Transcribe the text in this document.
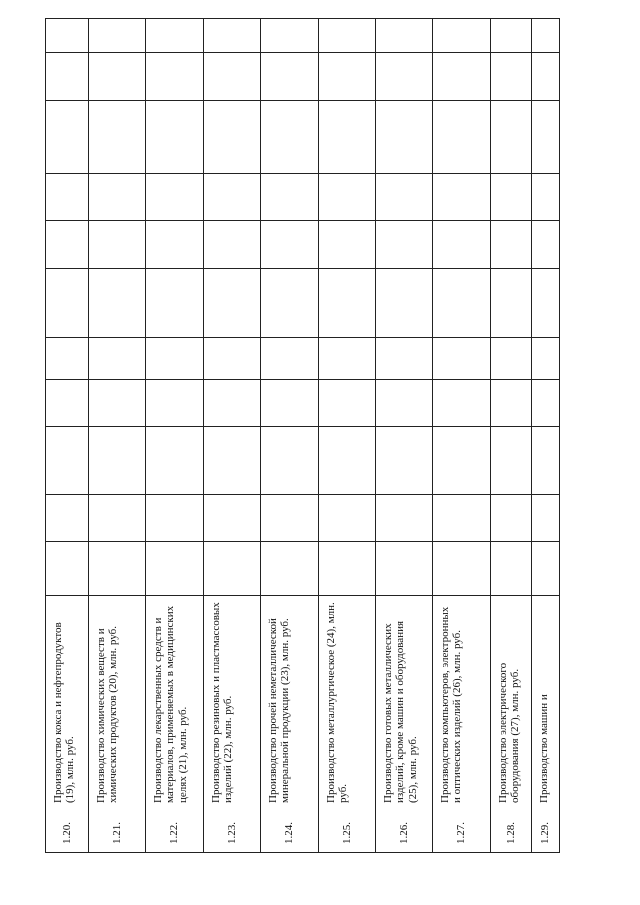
1.20.
Производство кокса и нефтепродуктов (19), млн. руб.
1.21.
Производство химических веществ и химических продуктов (20), млн. руб.
1.22.
Производство лекарственных средств и материалов, применяемых в медицинских целях (21), млн. руб.
1.23.
Производство резиновых и пластмассовых изделий (22), млн. руб.
1.24.
Производство прочей неметаллической минеральной продукции (23), млн. руб.
1.25.
Производство металлургическое (24), млн. руб.
1.26.
Производство готовых металлических изделий, кроме машин и оборудования (25), млн. руб.
1.27.
Производство компьютеров, электронных и оптических изделий (26), млн. руб.
1.28.
Производство электрического оборудования (27), млн. руб.
1.29.
Производство машин и
